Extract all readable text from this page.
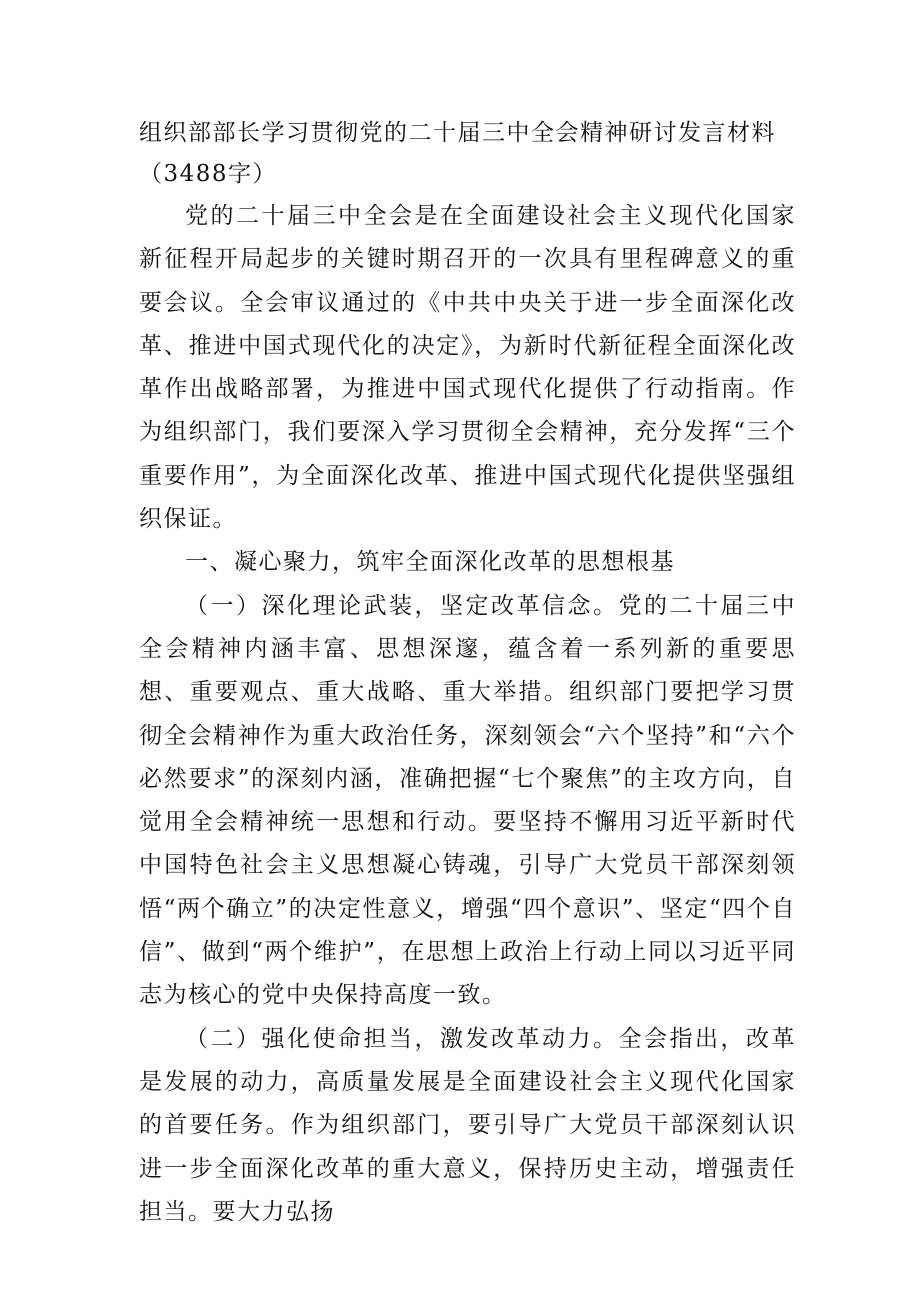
组织部部长学习贯彻党的二十届三中全会精神研讨发言材料（3488字）

党的二十届三中全会是在全面建设社会主义现代化国家新征程开局起步的关键时期召开的一次具有里程碑意义的重要会议。全会审议通过的《中共中央关于进一步全面深化改革、推进中国式现代化的决定》，为新时代新征程全面深化改革作出战略部署，为推进中国式现代化提供了行动指南。作为组织部门，我们要深入学习贯彻全会精神，充分发挥“三个重要作用”，为全面深化改革、推进中国式现代化提供坚强组织保证。

一、凝心聚力，筑牢全面深化改革的思想根基

（一）深化理论武装，坚定改革信念。党的二十届三中全会精神内涵丰富、思想深邃，蕴含着一系列新的重要思想、重要观点、重大战略、重大举措。组织部门要把学习贯彻全会精神作为重大政治任务，深刻领会“六个坚持”和“六个必然要求”的深刻内涵，准确把握“七个聚焦”的主攻方向，自觉用全会精神统一思想和行动。要坚持不懈用习近平新时代中国特色社会主义思想凝心铸魂，引导广大党员干部深刻领悟“两个确立”的决定性意义，增强“四个意识”、坚定“四个自信”、做到“两个维护”，在思想上政治上行动上同以习近平同志为核心的党中央保持高度一致。

（二）强化使命担当，激发改革动力。全会指出，改革是发展的动力，高质量发展是全面建设社会主义现代化国家的首要任务。作为组织部门，要引导广大党员干部深刻认识进一步全面深化改革的重大意义，保持历史主动，增强责任担当。要大力弘扬
